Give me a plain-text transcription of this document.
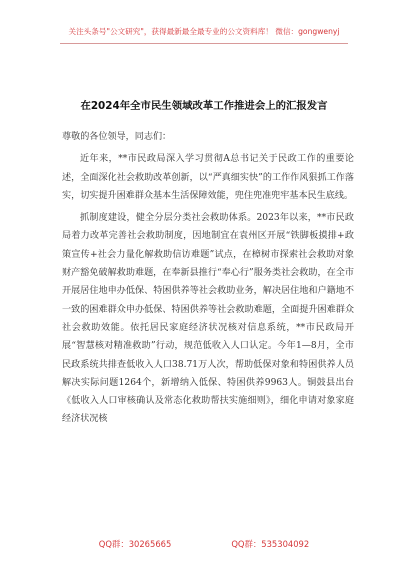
关注头条号"公文研究"，获得最新最全最专业的公文资料库！ 微信：gongwenyj
在2024年全市民生领域改革工作推进会上的汇报发言

尊敬的各位领导，同志们：

近年来，**市民政局深入学习贯彻A总书记关于民政工作的重要论述，全面深化社会救助改革创新，以“严真细实快”的工作作风狠抓工作落实，切实提升困难群众基本生活保障效能，兜住兜准兜牢基本民生底线。

抓制度建设，健全分层分类社会救助体系。2023年以来，**市民政局着力改革完善社会救助制度，因地制宜在袁州区开展“铁脚板摸排+政策宣传+社会力量化解救助信访难题”试点，在樟树市探索社会救助对象财产豁免破解救助难题，在奉新县推行“奉心行”服务类社会救助，在全市开展居住地申办低保、特困供养等社会救助业务，解决居住地和户籍地不一致的困难群众申办低保、特困供养等社会救助难题，全面提升困难群众社会救助效能。依托居民家庭经济状况核对信息系统，**市民政局开展“智慧核对精准救助”行动，规范低收入人口认定。今年1—8月，全市民政系统共排查低收入人口38.71万人次，帮助低保对象和特困供养人员解决实际问题1264个，新增纳入低保、特困供养9963人。铜鼓县出台《低收入人口审核确认及常态化救助帮扶实施细则》，细化申请对象家庭经济状况核

QQ群：30265665	QQ群：535304092
